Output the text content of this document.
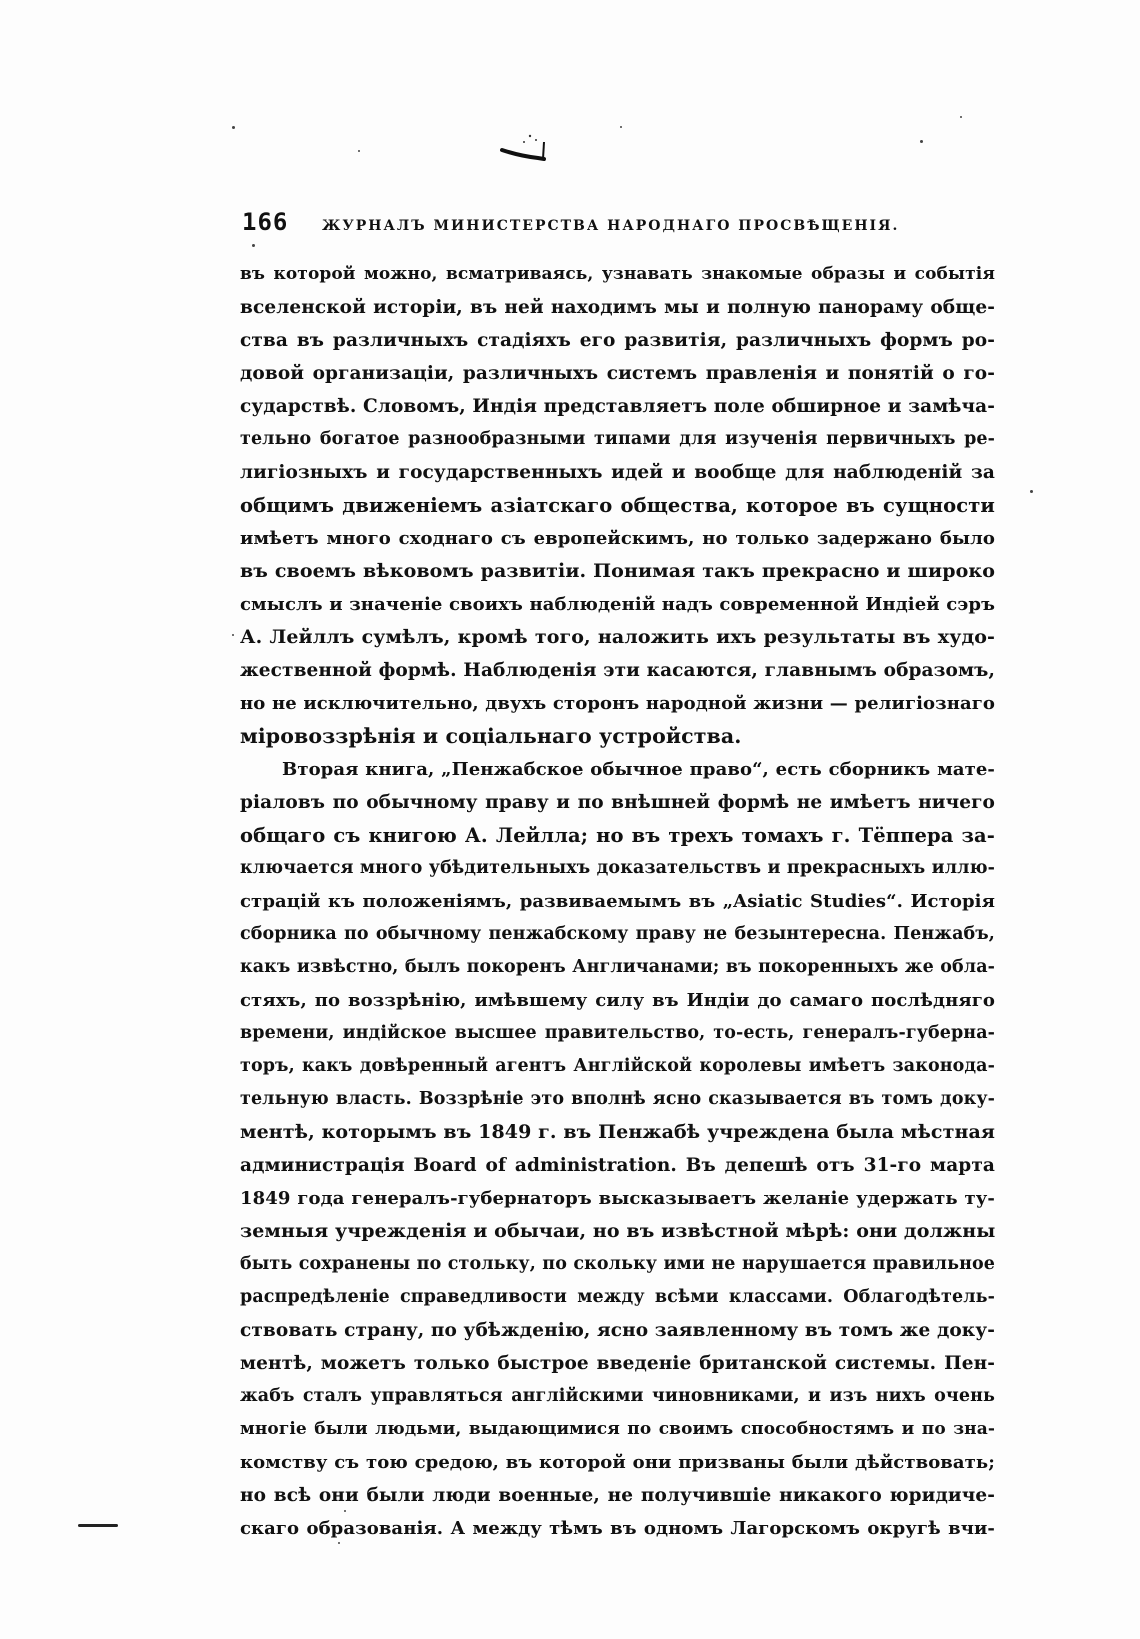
166	ЖУРНАЛЪ МИНИСТЕРСТВА НАРОДНАГО ПРОСВѢЩЕНІЯ.
въ которой можно, всматриваясь, узнавать знакомые образы и событія
вселенской исторіи, въ ней находимъ мы и полную панораму обще-
ства въ различныхъ стадіяхъ его развитія, различныхъ формъ ро-
довой организаціи, различныхъ системъ правленія и понятій о го-
сударствѣ. Словомъ, Индія представляетъ поле обширное и замѣча-
тельно богатое разнообразными типами для изученія первичныхъ ре-
лигіозныхъ и государственныхъ идей и вообще для наблюденій за
общимъ движеніемъ азіатскаго общества, которое въ сущности
имѣетъ много сходнаго съ европейскимъ, но только задержано было
въ своемъ вѣковомъ развитіи. Понимая такъ прекрасно и широко
смыслъ и значеніе своихъ наблюденій надъ современной Индіей сэръ
А. Лейллъ сумѣлъ, кромѣ того, наложить ихъ результаты въ худо-
жественной формѣ. Наблюденія эти касаются, главнымъ образомъ,
но не исключительно, двухъ сторонъ народной жизни — религіознаго
міровоззрѣнія и соціальнаго устройства.
Вторая книга, „Пенжабское обычное право“, есть сборникъ мате-
ріаловъ по обычному праву и по внѣшней формѣ не имѣетъ ничего
общаго съ книгою А. Лейлла; но въ трехъ томахъ г. Тёппера за-
ключается много убѣдительныхъ доказательствъ и прекрасныхъ иллю-
страцій къ положеніямъ, развиваемымъ въ „Asiatic Studies“. Исторія
сборника по обычному пенжабскому праву не безынтересна. Пенжабъ,
какъ извѣстно, былъ покоренъ Англичанами; въ покоренныхъ же обла-
стяхъ, по воззрѣнію, имѣвшему силу въ Индіи до самаго послѣдняго
времени, индійское высшее правительство, то-есть, генералъ-губерна-
торъ, какъ довѣренный агентъ Англійской королевы имѣетъ законода-
тельную власть. Воззрѣніе это вполнѣ ясно сказывается въ томъ доку-
ментѣ, которымъ въ 1849 г. въ Пенжабѣ учреждена была мѣстная
администрація Board of administration. Въ депешѣ отъ 31-го марта
1849 года генералъ-губернаторъ высказываетъ желаніе удержать ту-
земныя учрежденія и обычаи, но въ извѣстной мѣрѣ: они должны
быть сохранены по стольку, по скольку ими не нарушается правильное
распредѣленіе справедливости между всѣми классами. Облагодѣтель-
ствовать страну, по убѣжденію, ясно заявленному въ томъ же доку-
ментѣ, можетъ только быстрое введеніе британской системы. Пен-
жабъ сталъ управляться англійскими чиновниками, и изъ нихъ очень
многіе были людьми, выдающимися по своимъ способностямъ и по зна-
комству съ тою средою, въ которой они призваны были дѣйствовать;
но всѣ они были люди военные, не получившіе никакого юридиче-
скаго образованія. А между тѣмъ въ одномъ Лагорскомъ округѣ вчи-
